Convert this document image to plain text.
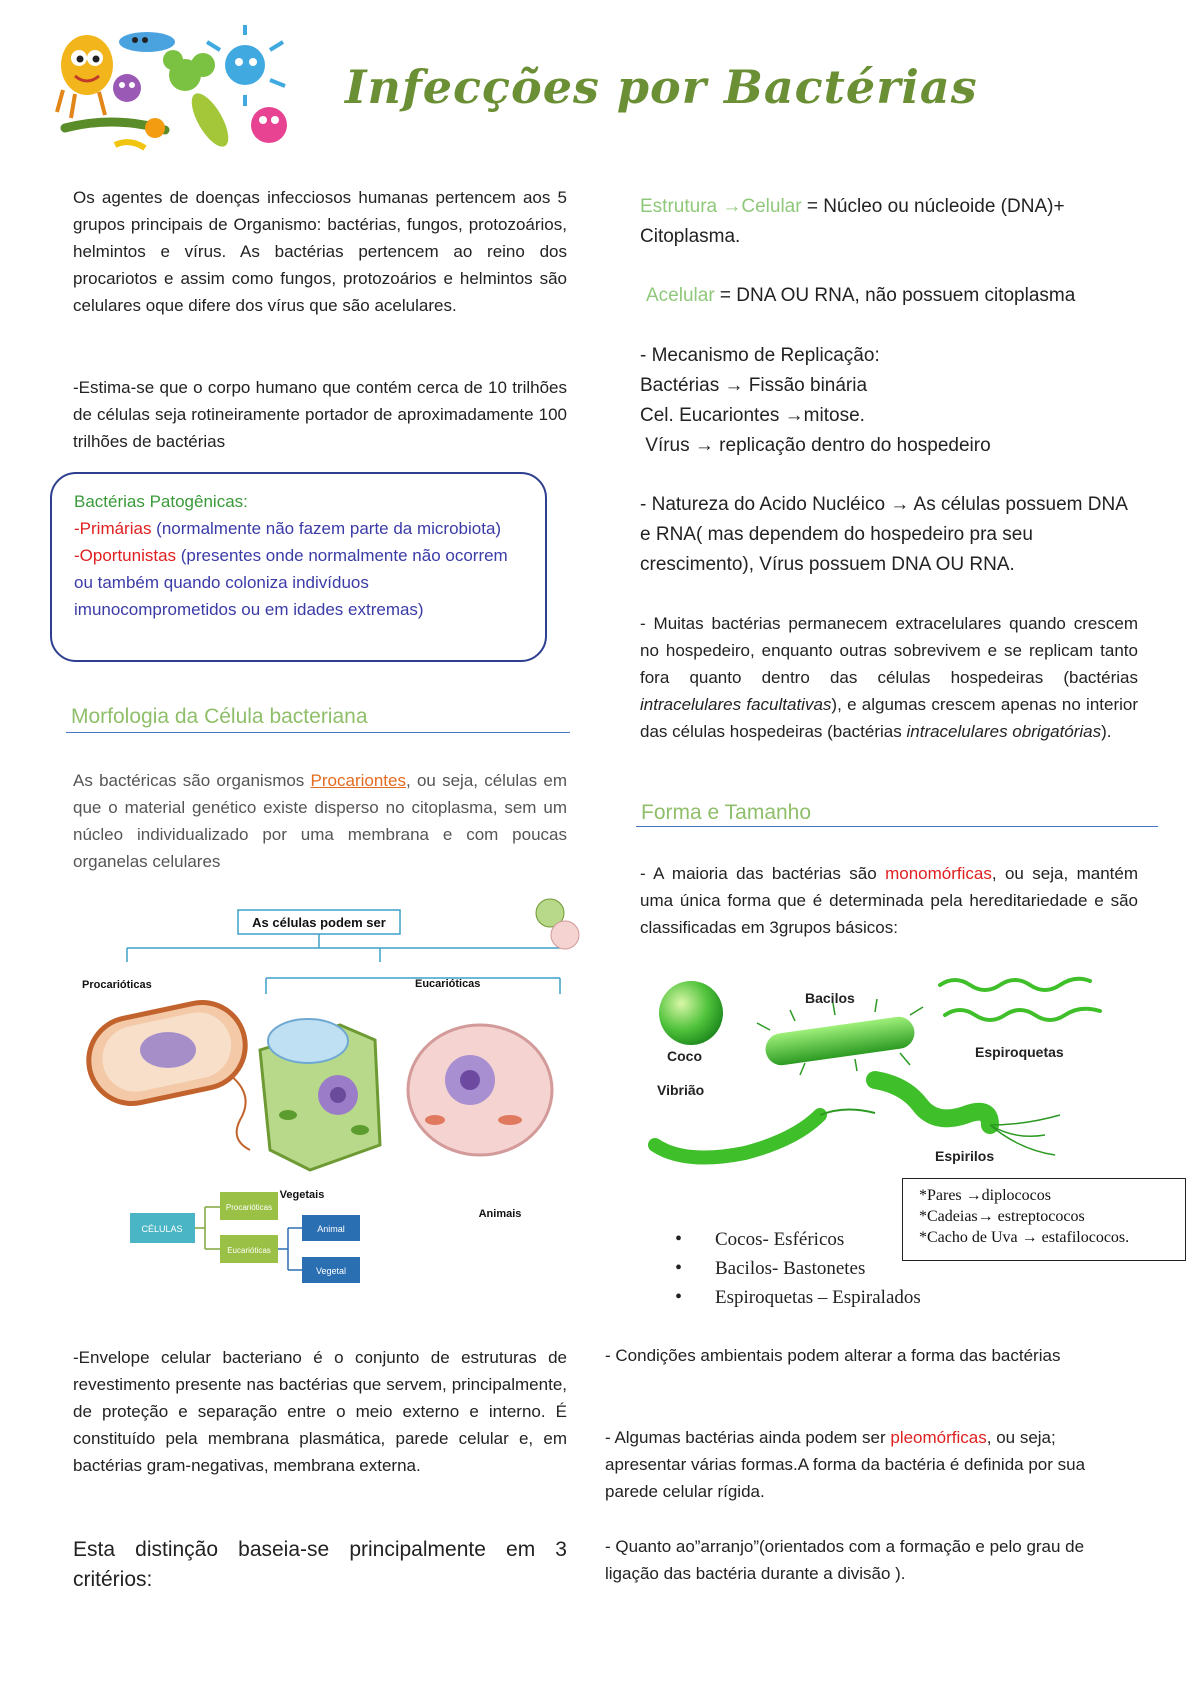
Infecções por Bactérias

Os agentes de doenças infecciosos humanas pertencem aos 5 grupos principais de Organismo: bactérias, fungos, protozoários, helmintos e vírus. As bactérias pertencem ao reino dos procariotos e assim como fungos, protozoários e helmintos são celulares oque difere dos vírus que são acelulares.

-Estima-se que o corpo humano que contém cerca de 10 trilhões de células seja rotineiramente portador de aproximadamente 100 trilhões de bactérias

Bactérias Patogênicas:
-Primárias (normalmente não fazem parte da microbiota)
-Oportunistas (presentes onde normalmente não ocorrem ou também quando coloniza indivíduos imunocomprometidos ou em idades extremas)

Morfologia da Célula bacteriana

As bactéricas são organismos Procariontes, ou seja, células em que o material genético existe disperso no citoplasma, sem um núcleo individualizado por uma membrana e com poucas organelas celulares

As células podem ser
Procarióticas	Eucarióticas
Vegetais
Animais
CÉLULAS
Procarióticas
Eucarióticas
Animal
Vegetal

-Envelope celular bacteriano é o conjunto de estruturas de revestimento presente nas bactérias que servem, principalmente, de proteção e separação entre o meio externo e interno. É constituído pela membrana plasmática, parede celular e, em bactérias gram-negativas, membrana externa.

Esta distinção baseia-se principalmente em 3 critérios:

Estrutura →Celular = Núcleo ou núcleoide (DNA)+ Citoplasma.

Acelular = DNA OU RNA, não possuem citoplasma

- Mecanismo de Replicação:
Bactérias → Fissão binária
Cel. Eucariontes →mitose.
Vírus → replicação dentro do hospedeiro

- Natureza do Acido Nucléico → As células possuem DNA e RNA( mas dependem do hospedeiro pra seu crescimento), Vírus possuem DNA OU RNA.

- Muitas bactérias permanecem extracelulares quando crescem no hospedeiro, enquanto outras sobrevivem e se replicam tanto fora quanto dentro das células hospedeiras (bactérias intracelulares facultativas), e algumas crescem apenas no interior das células hospedeiras (bactérias intracelulares obrigatórias).

Forma e Tamanho

- A maioria das bactérias são monomórficas, ou seja, mantém uma única forma que é determinada pela hereditariedade e são classificadas em 3grupos básicos:

Coco
Bacilos
Espiroquetas
Vibrião
Espirilos
*Pares →diplococos
*Cadeias→ estreptococos
*Cacho de Uva → estafilococos.
• Cocos- Esféricos
• Bacilos- Bastonetes
• Espiroquetas – Espiralados

- Condições ambientais podem alterar a forma das bactérias

- Algumas bactérias ainda podem ser pleomórficas, ou seja; apresentar várias formas.A forma da bactéria é definida por sua parede celular rígida.

- Quanto ao”arranjo”(orientados com a formação e pelo grau de ligação das bactéria durante a divisão ).
